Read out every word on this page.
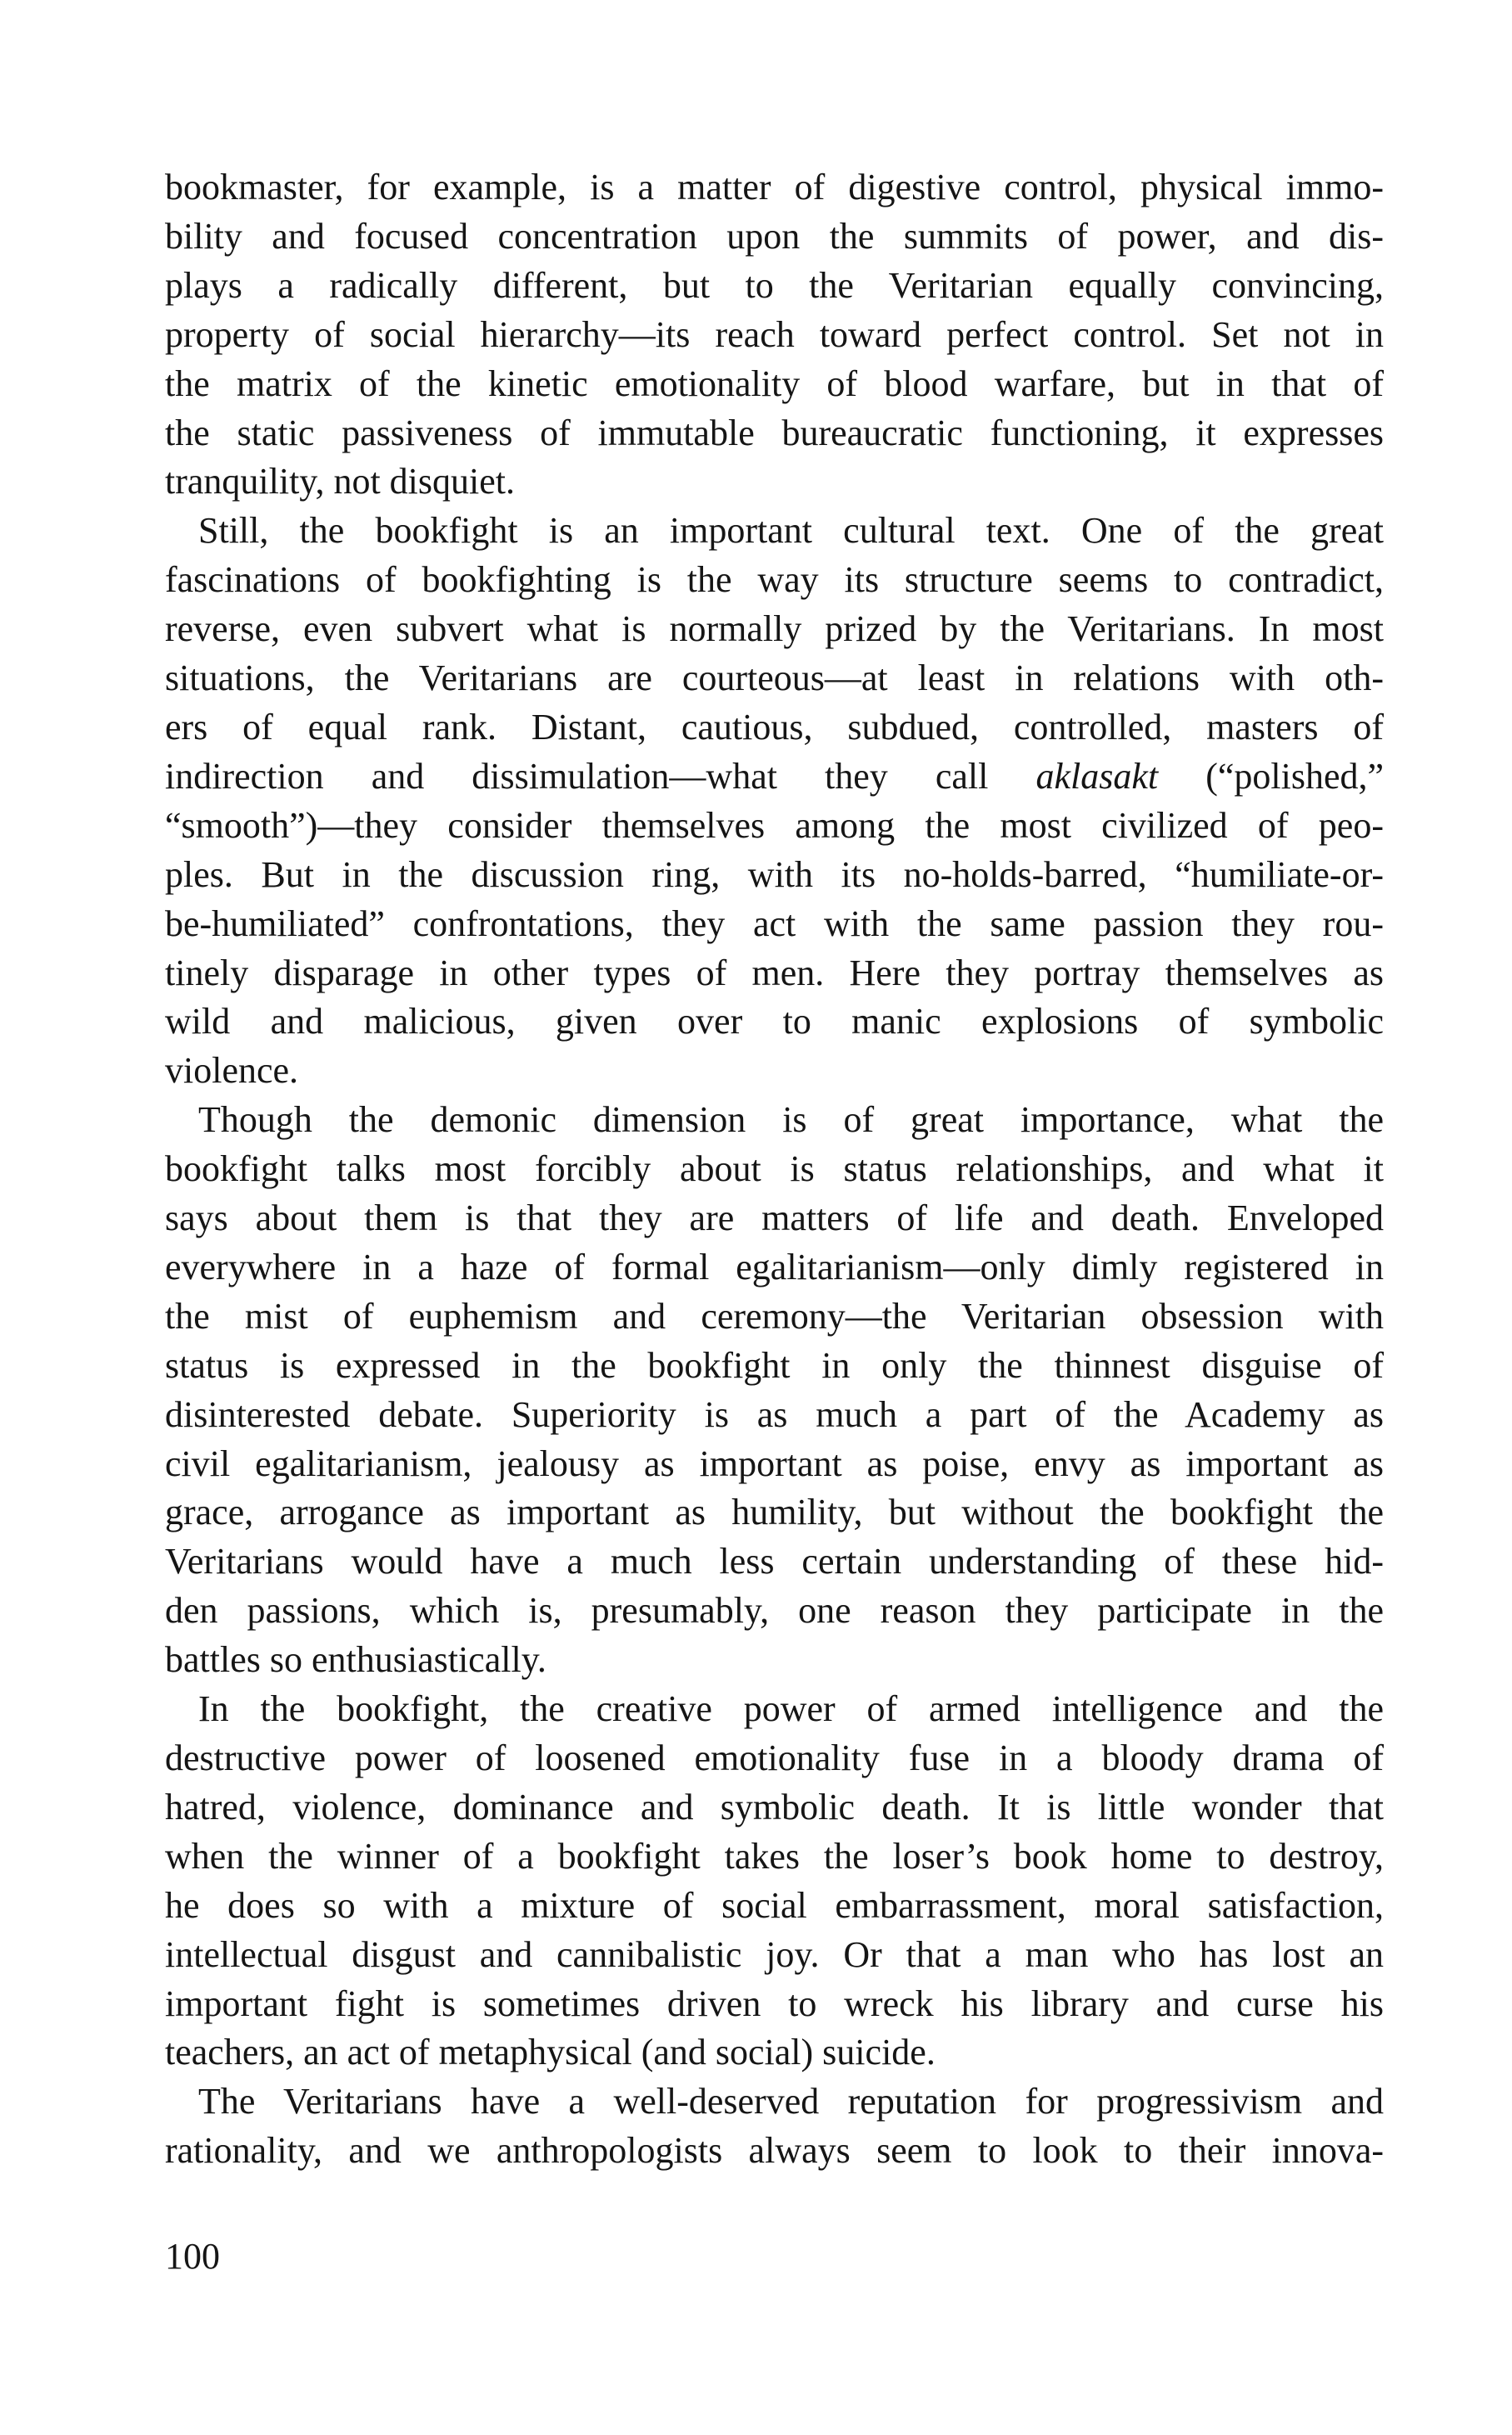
bookmaster, for example, is a matter of digestive control, physical immo-
bility and focused concentration upon the summits of power, and dis-
plays a radically different, but to the Veritarian equally convincing,
property of social hierarchy—its reach toward perfect control. Set not in
the matrix of the kinetic emotionality of blood warfare, but in that of
the static passiveness of immutable bureaucratic functioning, it expresses
tranquility, not disquiet.
Still, the bookfight is an important cultural text. One of the great
fascinations of bookfighting is the way its structure seems to contradict,
reverse, even subvert what is normally prized by the Veritarians. In most
situations, the Veritarians are courteous—at least in relations with oth-
ers of equal rank. Distant, cautious, subdued, controlled, masters of
indirection and dissimulation—what they call aklasakt (“polished,”
“smooth”)—they consider themselves among the most civilized of peo-
ples. But in the discussion ring, with its no-holds-barred, “humiliate-or-
be-humiliated” confrontations, they act with the same passion they rou-
tinely disparage in other types of men. Here they portray themselves as
wild and malicious, given over to manic explosions of symbolic
violence.
Though the demonic dimension is of great importance, what the
bookfight talks most forcibly about is status relationships, and what it
says about them is that they are matters of life and death. Enveloped
everywhere in a haze of formal egalitarianism—only dimly registered in
the mist of euphemism and ceremony—the Veritarian obsession with
status is expressed in the bookfight in only the thinnest disguise of
disinterested debate. Superiority is as much a part of the Academy as
civil egalitarianism, jealousy as important as poise, envy as important as
grace, arrogance as important as humility, but without the bookfight the
Veritarians would have a much less certain understanding of these hid-
den passions, which is, presumably, one reason they participate in the
battles so enthusiastically.
In the bookfight, the creative power of armed intelligence and the
destructive power of loosened emotionality fuse in a bloody drama of
hatred, violence, dominance and symbolic death. It is little wonder that
when the winner of a bookfight takes the loser’s book home to destroy,
he does so with a mixture of social embarrassment, moral satisfaction,
intellectual disgust and cannibalistic joy. Or that a man who has lost an
important fight is sometimes driven to wreck his library and curse his
teachers, an act of metaphysical (and social) suicide.
The Veritarians have a well-deserved reputation for progressivism and
rationality, and we anthropologists always seem to look to their innova-
100
